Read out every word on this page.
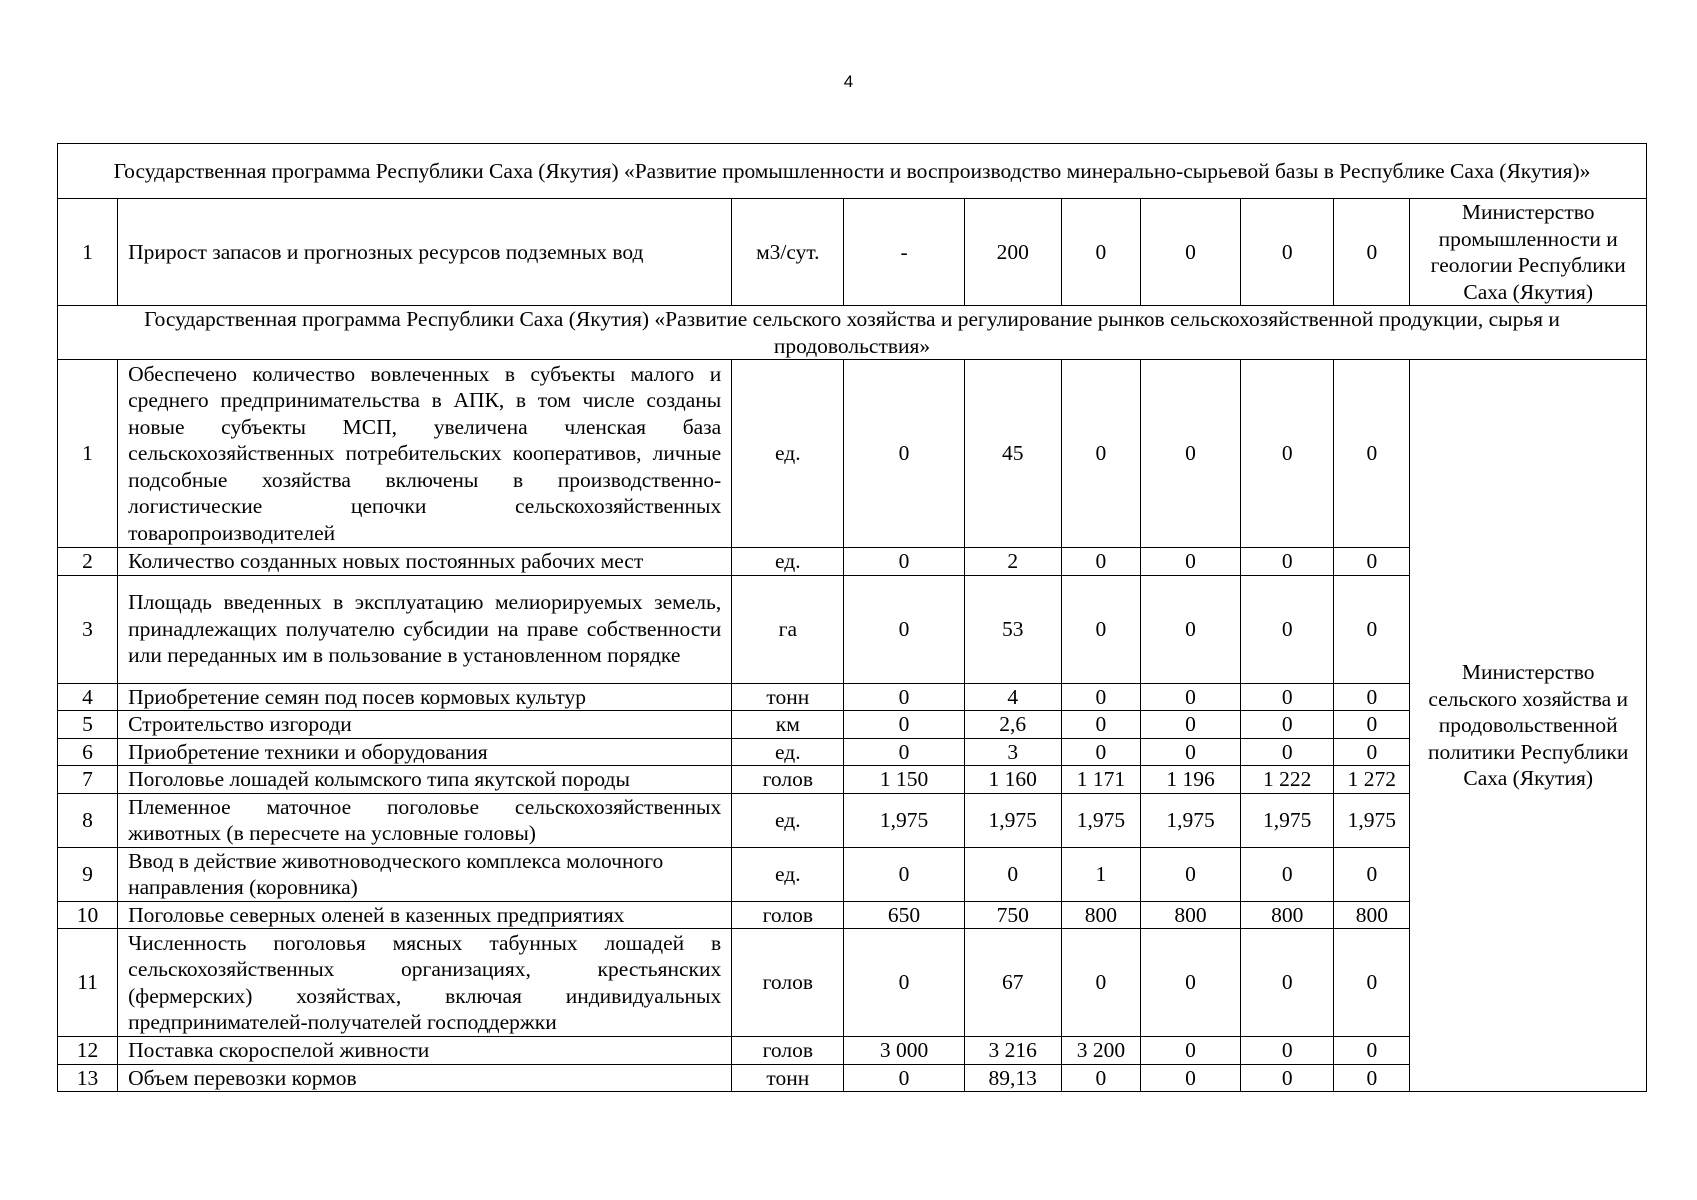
4
Государственная программа Республики Саха (Якутия) «Развитие промышленности и воспроизводство минерально-сырьевой базы в Республике Саха (Якутия)»									
1	Прирост запасов и прогнозных ресурсов подземных вод	м3/сут.	-	200	0	0	0	0	Министерство промышленности и геологии Республики Саха (Якутия)
Государственная программа Республики Саха (Якутия) «Развитие сельского хозяйства и регулирование рынков сельскохозяйственной продукции, сырья и продовольствия»									
1	Обеспечено количество вовлеченных в субъекты малого и среднего предпринимательства в АПК, в том числе созданы новые субъекты МСП, увеличена членская база сельскохозяйственных потребительских кооперативов, личные подсобные хозяйства включены в производственно-логистические цепочки сельскохозяйственных товаропроизводителей	ед.	0	45	0	0	0	0	Министерство сельского хозяйства и продовольственной политики Республики Саха (Якутия)
2	Количество созданных новых постоянных рабочих мест	ед.	0	2	0	0	0	0	
3	Площадь введенных в эксплуатацию мелиорируемых земель, принадлежащих получателю субсидии на праве собственности или переданных им в пользование в установленном порядке	га	0	53	0	0	0	0	
4	Приобретение семян под посев кормовых культур	тонн	0	4	0	0	0	0	
5	Строительство изгороди	км	0	2,6	0	0	0	0	
6	Приобретение техники и оборудования	ед.	0	3	0	0	0	0	
7	Поголовье лошадей колымского типа якутской породы	голов	1 150	1 160	1 171	1 196	1 222	1 272	
8	Племенное маточное поголовье сельскохозяйственных животных (в пересчете на условные головы)	ед.	1,975	1,975	1,975	1,975	1,975	1,975	
9	Ввод в действие животноводческого комплекса молочного направления (коровника)	ед.	0	0	1	0	0	0	
10	Поголовье северных оленей в казенных предприятиях	голов	650	750	800	800	800	800	
11	Численность поголовья мясных табунных лошадей в сельскохозяйственных организациях, крестьянских (фермерских) хозяйствах, включая индивидуальных предпринимателей-получателей господдержки	голов	0	67	0	0	0	0	
12	Поставка скороспелой живности	голов	3 000	3 216	3 200	0	0	0	
13	Объем перевозки кормов	тонн	0	89,13	0	0	0	0	
